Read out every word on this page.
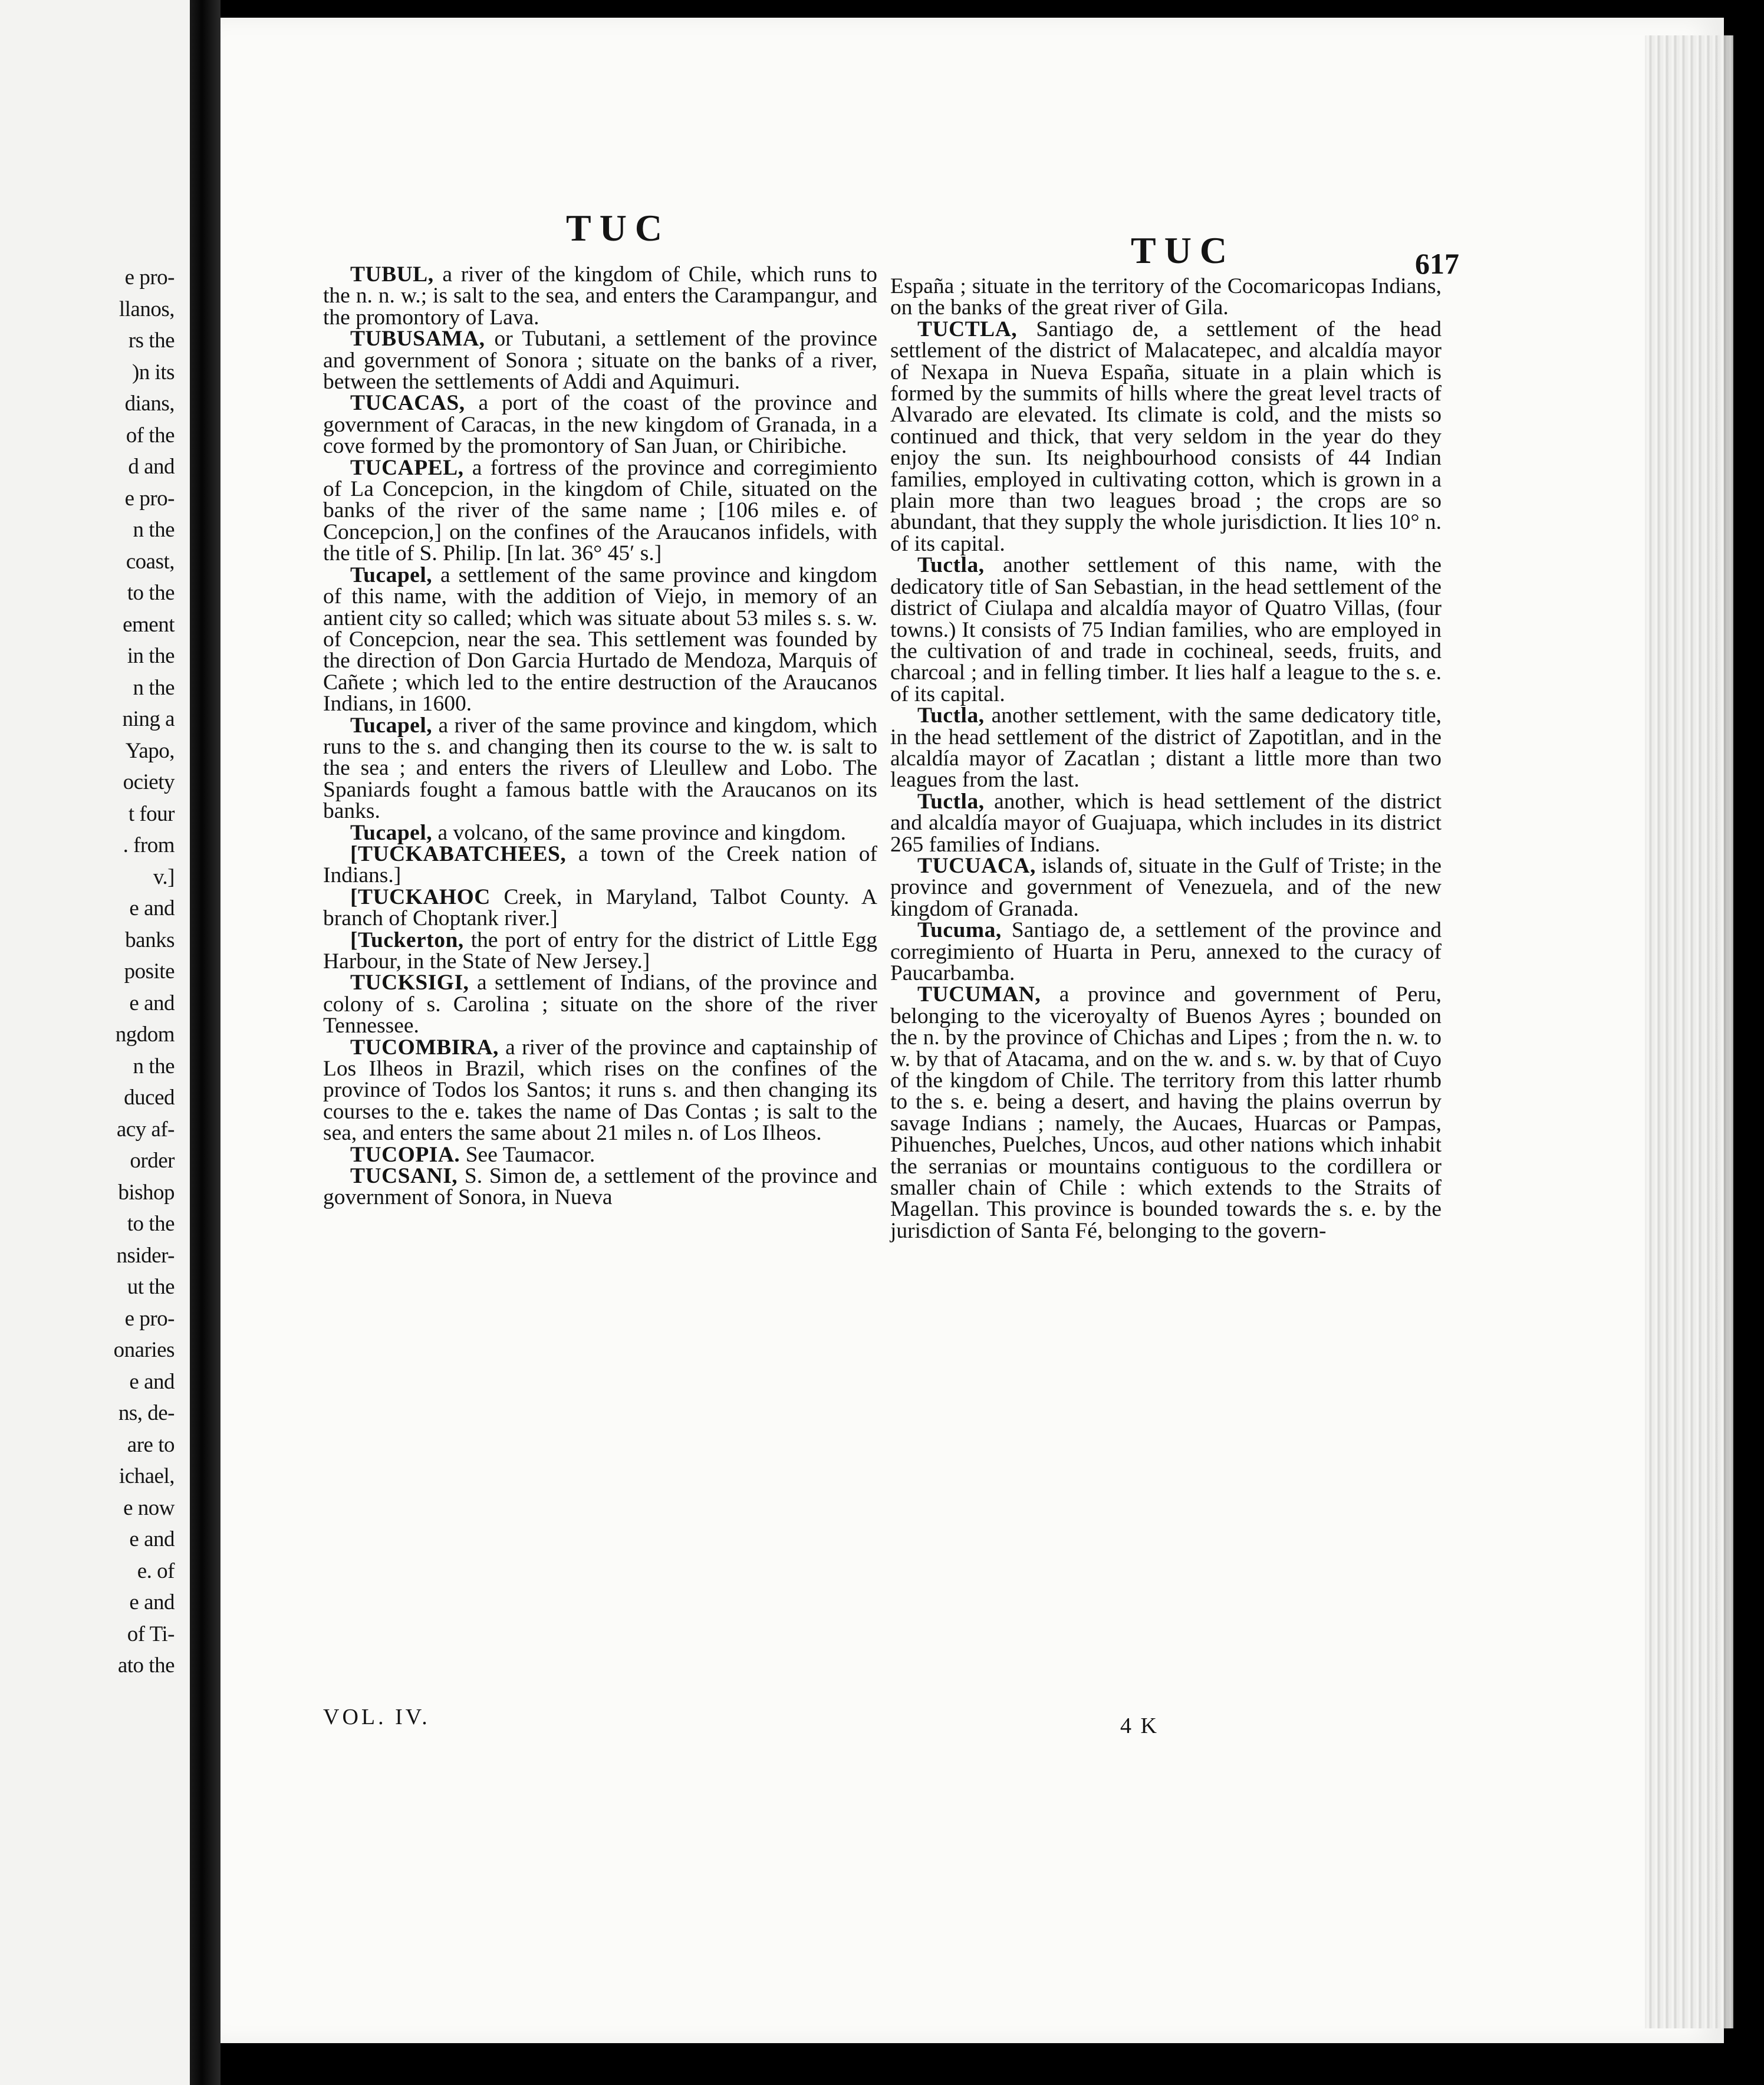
e pro-
llanos,
rs the
)n its
dians,
of the
d and
e pro-
n the
coast,
to the
ement
in the
n the
ning a
Yapo,
ociety
t four
. from
v.]
e and
banks
posite
e and
ngdom
n the
duced
acy af-
order
bishop
to the
nsider-
ut the
e pro-
onaries
e and
ns, de-
are to
ichael,
e now
e and
e. of
e and
of Ti-
ato the
TUC
TUC	617

TUBUL, a river of the kingdom of Chile, which runs to the n. n. w.; is salt to the sea, and enters the Carampangur, and the promontory of Lava.

TUBUSAMA, or Tubutani, a settlement of the province and government of Sonora ; situate on the banks of a river, between the settlements of Addi and Aquimuri.

TUCACAS, a port of the coast of the province and government of Caracas, in the new kingdom of Granada, in a cove formed by the promontory of San Juan, or Chiribiche.

TUCAPEL, a fortress of the province and corregimiento of La Concepcion, in the kingdom of Chile, situated on the banks of the river of the same name ; [106 miles e. of Concepcion,] on the confines of the Araucanos infidels, with the title of S. Philip. [In lat. 36° 45′ s.]

Tucapel, a settlement of the same province and kingdom of this name, with the addition of Viejo, in memory of an antient city so called; which was situate about 53 miles s. s. w. of Concepcion, near the sea. This settlement was founded by the direction of Don Garcia Hurtado de Mendoza, Marquis of Cañete ; which led to the entire destruction of the Araucanos Indians, in 1600.

Tucapel, a river of the same province and kingdom, which runs to the s. and changing then its course to the w. is salt to the sea ; and enters the rivers of Lleullew and Lobo. The Spaniards fought a famous battle with the Araucanos on its banks.

Tucapel, a volcano, of the same province and kingdom.

[TUCKABATCHEES, a town of the Creek nation of Indians.]

[TUCKAHOC Creek, in Maryland, Talbot County. A branch of Choptank river.]

[Tuckerton, the port of entry for the district of Little Egg Harbour, in the State of New Jersey.]

TUCKSIGI, a settlement of Indians, of the province and colony of s. Carolina ; situate on the shore of the river Tennessee.

TUCOMBIRA, a river of the province and captainship of Los Ilheos in Brazil, which rises on the confines of the province of Todos los Santos; it runs s. and then changing its courses to the e. takes the name of Das Contas ; is salt to the sea, and enters the same about 21 miles n. of Los Ilheos.

TUCOPIA. See Taumacor.

TUCSANI, S. Simon de, a settlement of the province and government of Sonora, in Nueva

España ; situate in the territory of the Cocomaricopas Indians, on the banks of the great river of Gila.

TUCTLA, Santiago de, a settlement of the head settlement of the district of Malacatepec, and alcaldía mayor of Nexapa in Nueva España, situate in a plain which is formed by the summits of hills where the great level tracts of Alvarado are elevated. Its climate is cold, and the mists so continued and thick, that very seldom in the year do they enjoy the sun. Its neighbourhood consists of 44 Indian families, employed in cultivating cotton, which is grown in a plain more than two leagues broad ; the crops are so abundant, that they supply the whole jurisdiction. It lies 10° n. of its capital.

Tuctla, another settlement of this name, with the dedicatory title of San Sebastian, in the head settlement of the district of Ciulapa and alcaldía mayor of Quatro Villas, (four towns.) It consists of 75 Indian families, who are employed in the cultivation of and trade in cochineal, seeds, fruits, and charcoal ; and in felling timber. It lies half a league to the s. e. of its capital.

Tuctla, another settlement, with the same dedicatory title, in the head settlement of the district of Zapotitlan, and in the alcaldía mayor of Zacatlan ; distant a little more than two leagues from the last.

Tuctla, another, which is head settlement of the district and alcaldía mayor of Guajuapa, which includes in its district 265 families of Indians.

TUCUACA, islands of, situate in the Gulf of Triste; in the province and government of Venezuela, and of the new kingdom of Granada.

Tucuma, Santiago de, a settlement of the province and corregimiento of Huarta in Peru, annexed to the curacy of Paucarbamba.

TUCUMAN, a province and government of Peru, belonging to the viceroyalty of Buenos Ayres ; bounded on the n. by the province of Chichas and Lipes ; from the n. w. to w. by that of Atacama, and on the w. and s. w. by that of Cuyo of the kingdom of Chile. The territory from this latter rhumb to the s. e. being a desert, and having the plains overrun by savage Indians ; namely, the Aucaes, Huarcas or Pampas, Pihuenches, Puelches, Uncos, aud other nations which inhabit the serranias or mountains contiguous to the cordillera or smaller chain of Chile : which extends to the Straits of Magellan. This province is bounded towards the s. e. by the jurisdiction of Santa Fé, belonging to the govern-

VOL. IV.	4 K
